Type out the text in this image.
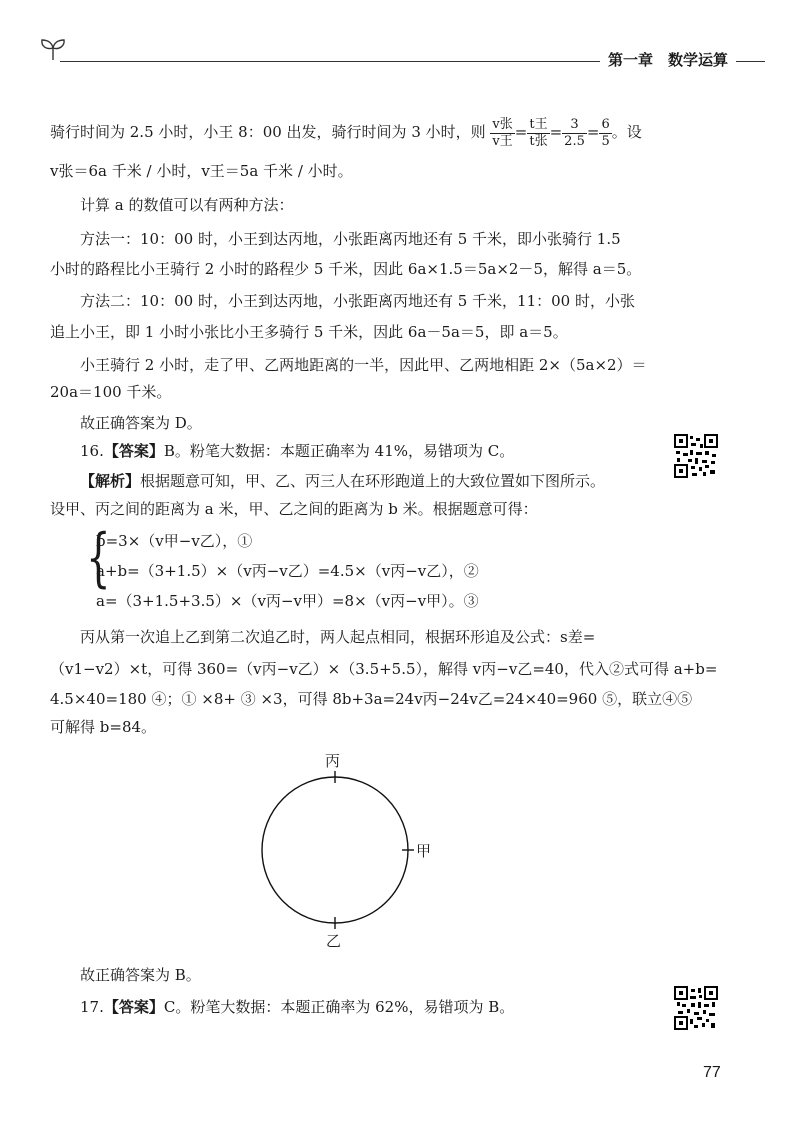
第一章　数学运算
骑行时间为 2.5 小时，小王 8：00 出发，骑行时间为 3 小时，则 $\frac{\text{v张}}{\text{v王}} = \frac{\text{t王}}{\text{t张}} = \frac{3}{2.5} = \frac{6}{5}$ 。设
v张＝6a 千米 / 小时，v王＝5a 千米 / 小时。
计算 a 的数值可以有两种方法：
方法一：10：00 时，小王到达丙地，小张距离丙地还有 5 千米，即小张骑行 1.5
小时的路程比小王骑行 2 小时的路程少 5 千米，因此 6a×1.5＝5a×2－5，解得 a＝5。
方法二：10：00 时，小王到达丙地，小张距离丙地还有 5 千米，11：00 时，小张
追上小王，即 1 小时小张比小王多骑行 5 千米，因此 6a－5a＝5，即 a＝5。
小王骑行 2 小时，走了甲、乙两地距离的一半，因此甲、乙两地相距 2×（5a×2）＝
20a＝100 千米。
故正确答案为 D。
16.【答案】B。粉笔大数据：本题正确率为 41%，易错项为 C。
【解析】根据题意可知，甲、乙、丙三人在环形跑道上的大致位置如下图所示。
设甲、丙之间的距离为 a 米，甲、乙之间的距离为 b 米。根据题意可得：
{
b=3×（v甲−v乙），①
a+b=（3+1.5）×（v丙−v乙）=4.5×（v丙−v乙），②
a=（3+1.5+3.5）×（v丙−v甲）=8×（v丙−v甲）。③
丙从第一次追上乙到第二次追乙时，两人起点相同，根据环形追及公式：s差=
（v1−v2）×t，可得 360=（v丙−v乙）×（3.5+5.5），解得 v丙−v乙=40，代入②式可得 a+b=
4.5×40=180 ④；① ×8+ ③ ×3，可得 8b+3a=24v丙−24v乙=24×40=960 ⑤，联立④⑤
可解得 b=84。
丙
甲
乙
故正确答案为 B。
17.【答案】C。粉笔大数据：本题正确率为 62%，易错项为 B。
77
